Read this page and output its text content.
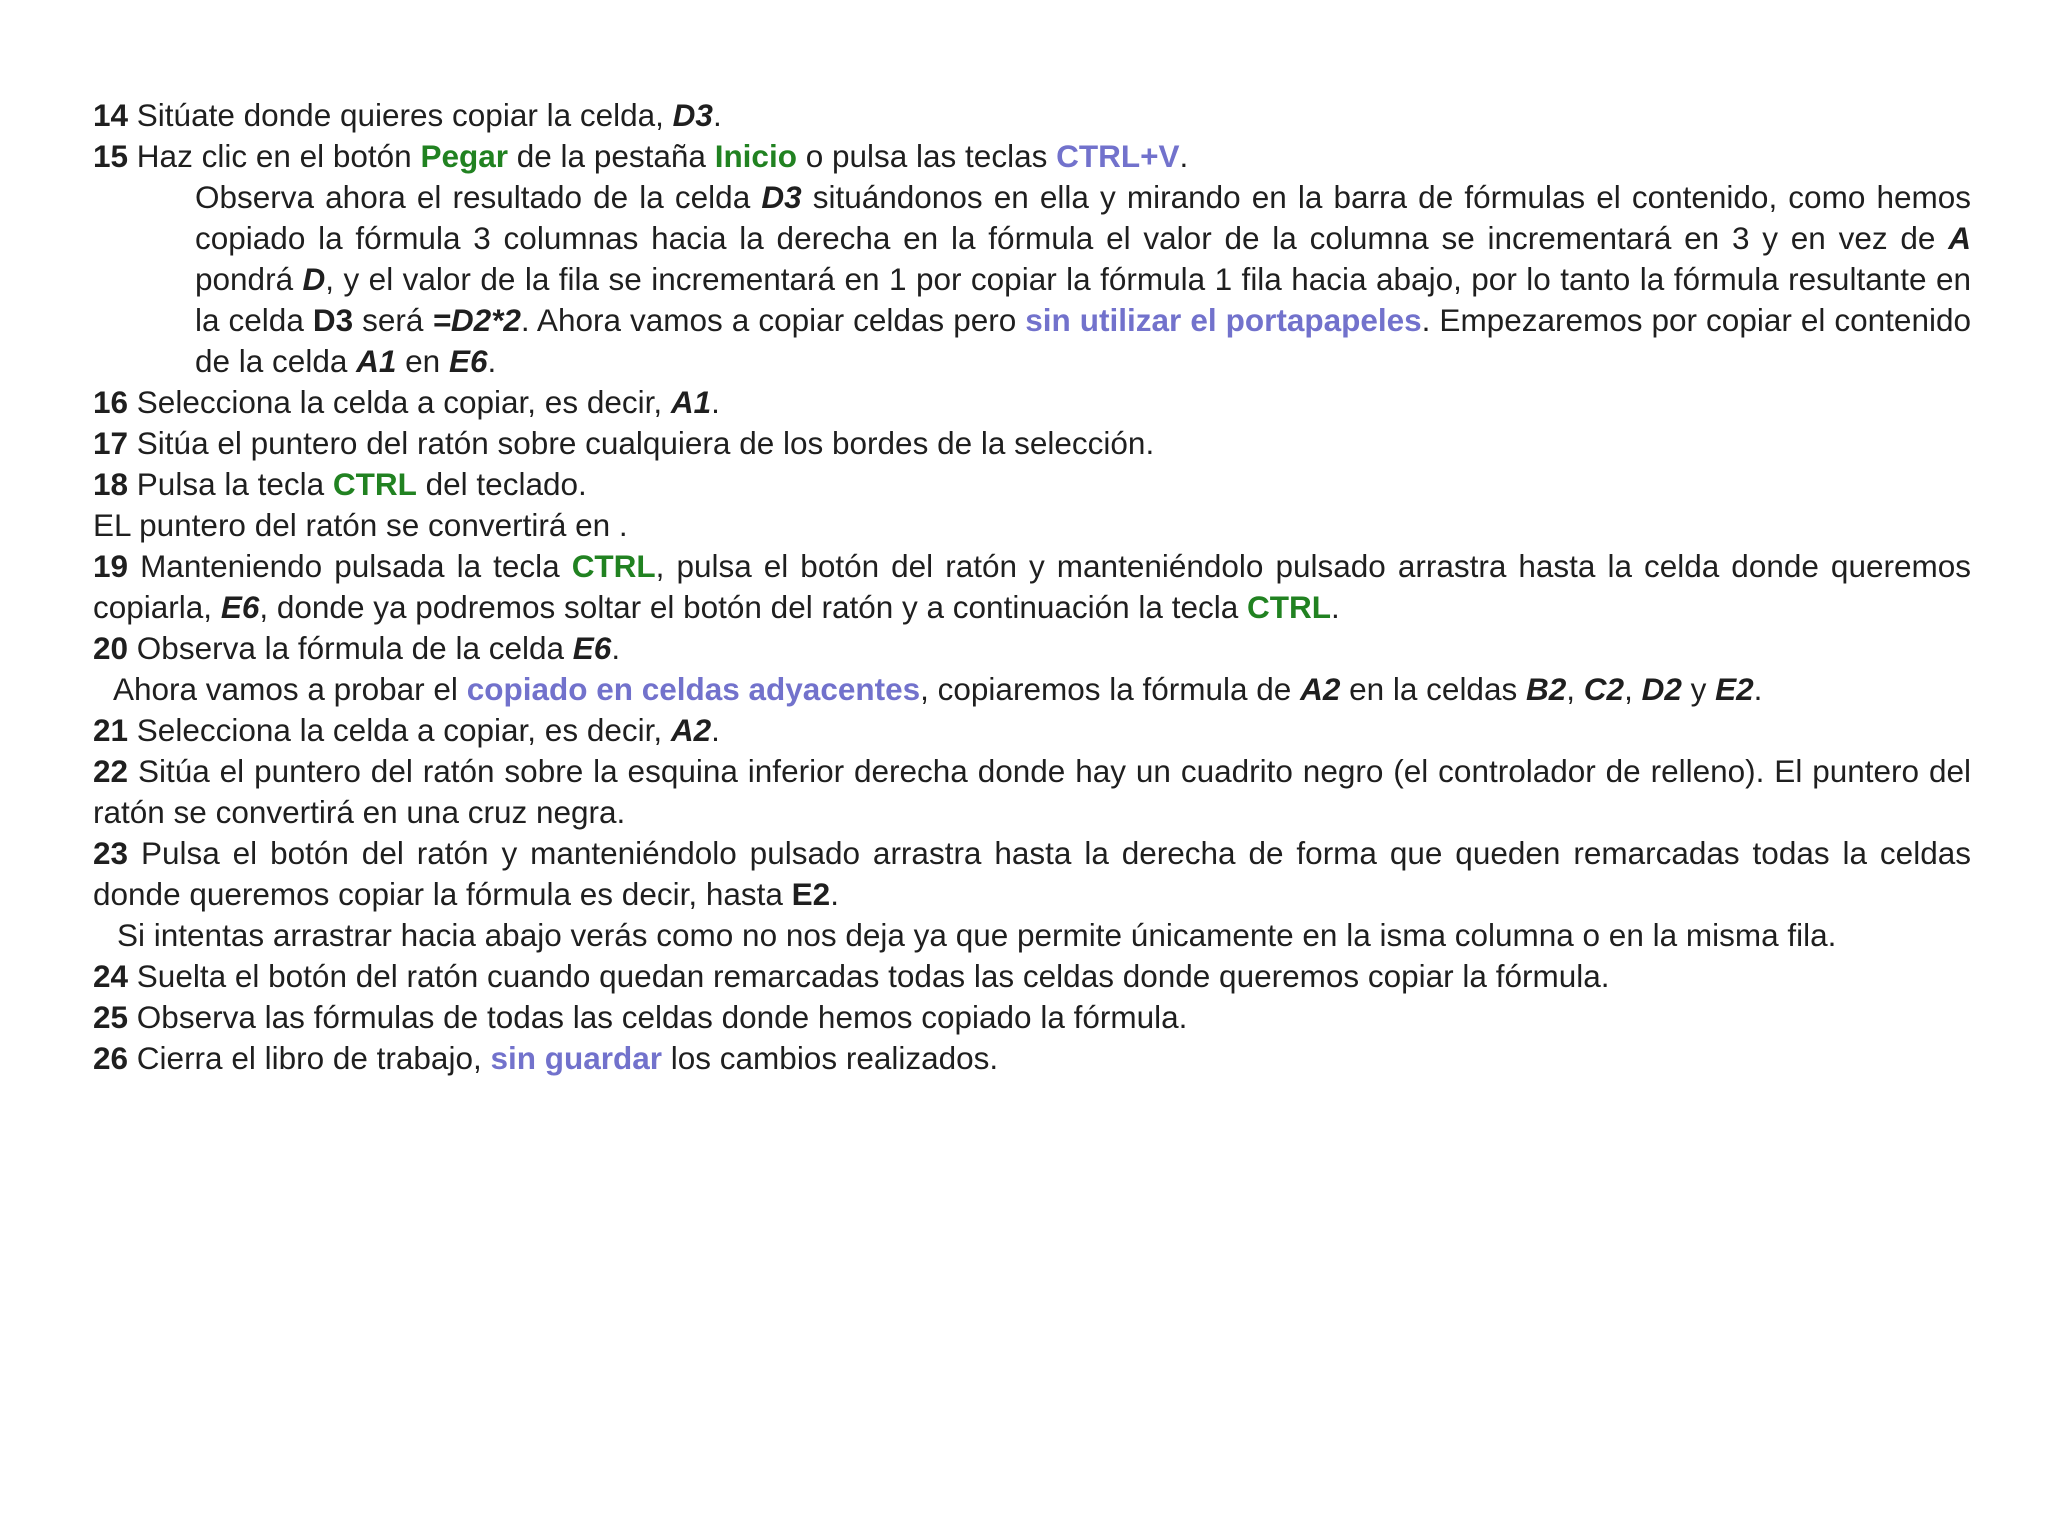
14 Sitúate donde quieres copiar la celda, D3.

15 Haz clic en el botón Pegar de la pestaña Inicio o pulsa las teclas CTRL+V.

Observa ahora el resultado de la celda D3 situándonos en ella y mirando en la barra de fórmulas el contenido, como hemos copiado la fórmula 3 columnas hacia la derecha en la fórmula el valor de la columna se incrementará en 3 y en vez de A pondrá D, y el valor de la fila se incrementará en 1 por copiar la fórmula 1 fila hacia abajo, por lo tanto la fórmula resultante en la celda D3 será =D2*2. Ahora vamos a copiar celdas pero sin utilizar el portapapeles. Empezaremos por copiar el contenido de la celda A1 en E6.

16 Selecciona la celda a copiar, es decir, A1.

17 Sitúa el puntero del ratón sobre cualquiera de los bordes de la selección.

18 Pulsa la tecla CTRL del teclado.

EL puntero del ratón se convertirá en .

19 Manteniendo pulsada la tecla CTRL, pulsa el botón del ratón y manteniéndolo pulsado arrastra hasta la celda donde queremos copiarla, E6, donde ya podremos soltar el botón del ratón y a continuación la tecla CTRL.

20 Observa la fórmula de la celda E6.

Ahora vamos a probar el copiado en celdas adyacentes, copiaremos la fórmula de A2 en la celdas B2, C2, D2 y E2.

21 Selecciona la celda a copiar, es decir, A2.

22 Sitúa el puntero del ratón sobre la esquina inferior derecha donde hay un cuadrito negro (el controlador de relleno). El puntero del ratón se convertirá en una cruz negra.

23 Pulsa el botón del ratón y manteniéndolo pulsado arrastra hasta la derecha de forma que queden remarcadas todas la celdas donde queremos copiar la fórmula es decir, hasta E2.

Si intentas arrastrar hacia abajo verás como no nos deja ya que permite únicamente en la isma columna o en la misma fila.

24 Suelta el botón del ratón cuando quedan remarcadas todas las celdas donde queremos copiar la fórmula.

25 Observa las fórmulas de todas las celdas donde hemos copiado la fórmula.

26 Cierra el libro de trabajo, sin guardar los cambios realizados.
